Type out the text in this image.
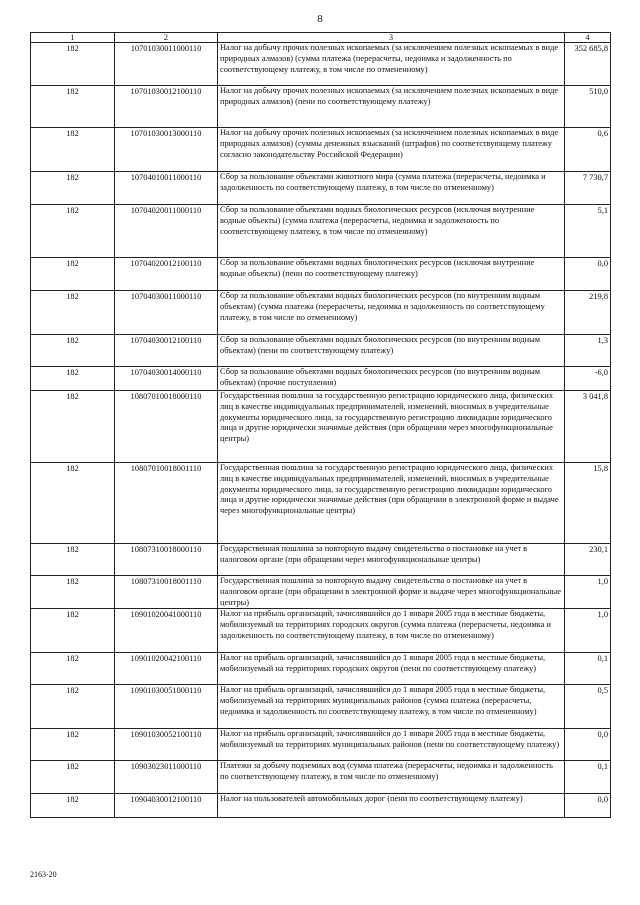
8
1	2	3	4
182	10701030011000110	Налог на добычу прочих полезных ископаемых (за исключением полезных ископаемых в виде природных алмазов) (сумма платежа (перерасчеты, недоимка и задолженность по соответствующему платежу, в том числе по отмененному)	352 685,8
182	10701030012100110	Налог на добычу прочих полезных ископаемых (за исключением полезных ископаемых в виде природных алмазов) (пени по соответствующему платежу)	510,0
182	10701030013000110	Налог на добычу прочих полезных ископаемых (за исключением полезных ископаемых в виде природных алмазов) (суммы денежных взысканий (штрафов) по соответствующему платежу согласно законодательству Российской Федерации)	0,6
182	10704010011000110	Сбор за пользование объектами животного мира (сумма платежа (перерасчеты, недоимка и задолженность по соответствующему платежу, в том числе по отмененному)	7 730,7
182	10704020011000110	Сбор за пользование объектами водных биологических ресурсов (исключая внутренние водные объекты) (сумма платежа (перерасчеты, недоимка и задолженность по соответствующему платежу, в том числе по отмененному)	5,1
182	10704020012100110	Сбор за пользование объектами водных биологических ресурсов (исключая внутренние водные объекты) (пени по соответствующему платежу)	0,0
182	10704030011000110	Сбор за пользование объектами водных биологических ресурсов (по внутренним водным объектам) (сумма платежа (перерасчеты, недоимка и задолженность по соответствующему платежу, в том числе по отмененному)	219,8
182	10704030012100110	Сбор за пользование объектами водных биологических ресурсов (по внутренним водным объектам) (пени по соответствующему платежу)	1,3
182	10704030014000110	Сбор за пользование объектами водных биологических ресурсов (по внутренним водным объектам) (прочие поступления)	-6,0
182	10807010018000110	Государственная пошлина за государственную регистрацию юридического лица, физических лиц в качестве индивидуальных предпринимателей, изменений, вносимых в учредительные документы юридического лица, за государственную регистрацию ликвидации юридического лица и другие юридически значимые действия (при обращении через многофункциональные центры)	3 041,8
182	10807010018001110	Государственная пошлина за государственную регистрацию юридического лица, физических лиц в качестве индивидуальных предпринимателей, изменений, вносимых в учредительные документы юридического лица, за государственную регистрацию ликвидации юридического лица и другие юридически значимые действия (при обращении в электронной форме и выдаче через многофункциональные центры)	15,8
182	10807310018000110	Государственная пошлина за повторную выдачу свидетельства о постановке на учет в налоговом органе (при обращении через многофункциональные центры)	230,1
182	10807310018001110	Государственная пошлина за повторную выдачу свидетельства о постановке на учет в налоговом органе (при обращении в электронной форме и выдаче через многофункциональные центры)	1,0
182	10901020041000110	Налог на прибыль организаций, зачислявшийся до 1 января 2005 года в местные бюджеты, мобилизуемый на территориях городских округов (сумма платежа (перерасчеты, недоимка и задолженность по соответствующему платежу, в том числе по отмененному)	1,0
182	10901020042100110	Налог на прибыль организаций, зачислявшийся до 1 января 2005 года в местные бюджеты, мобилизуемый на территориях городских округов (пени по соответствующему платежу)	0,1
182	10901030051000110	Налог на прибыль организаций, зачислявшийся до 1 января 2005 года в местные бюджеты, мобилизуемый на территориях муниципальных районов (сумма платежа (перерасчеты, недоимка и задолженность по соответствующему платежу, в том числе по отмененному)	0,5
182	10901030052100110	Налог на прибыль организаций, зачислявшийся до 1 января 2005 года в местные бюджеты, мобилизуемый на территориях муниципальных районов (пени по соответствующему платежу)	0,0
182	10903023011000110	Платежи за добычу подземных вод (сумма платежа (перерасчеты, недоимка и задолженность по соответствующему платежу, в том числе по отмененному)	0,1
182	10904030012100110	Налог на пользователей автомобильных дорог (пени по соответствующему платежу)	0,0
2163-20
